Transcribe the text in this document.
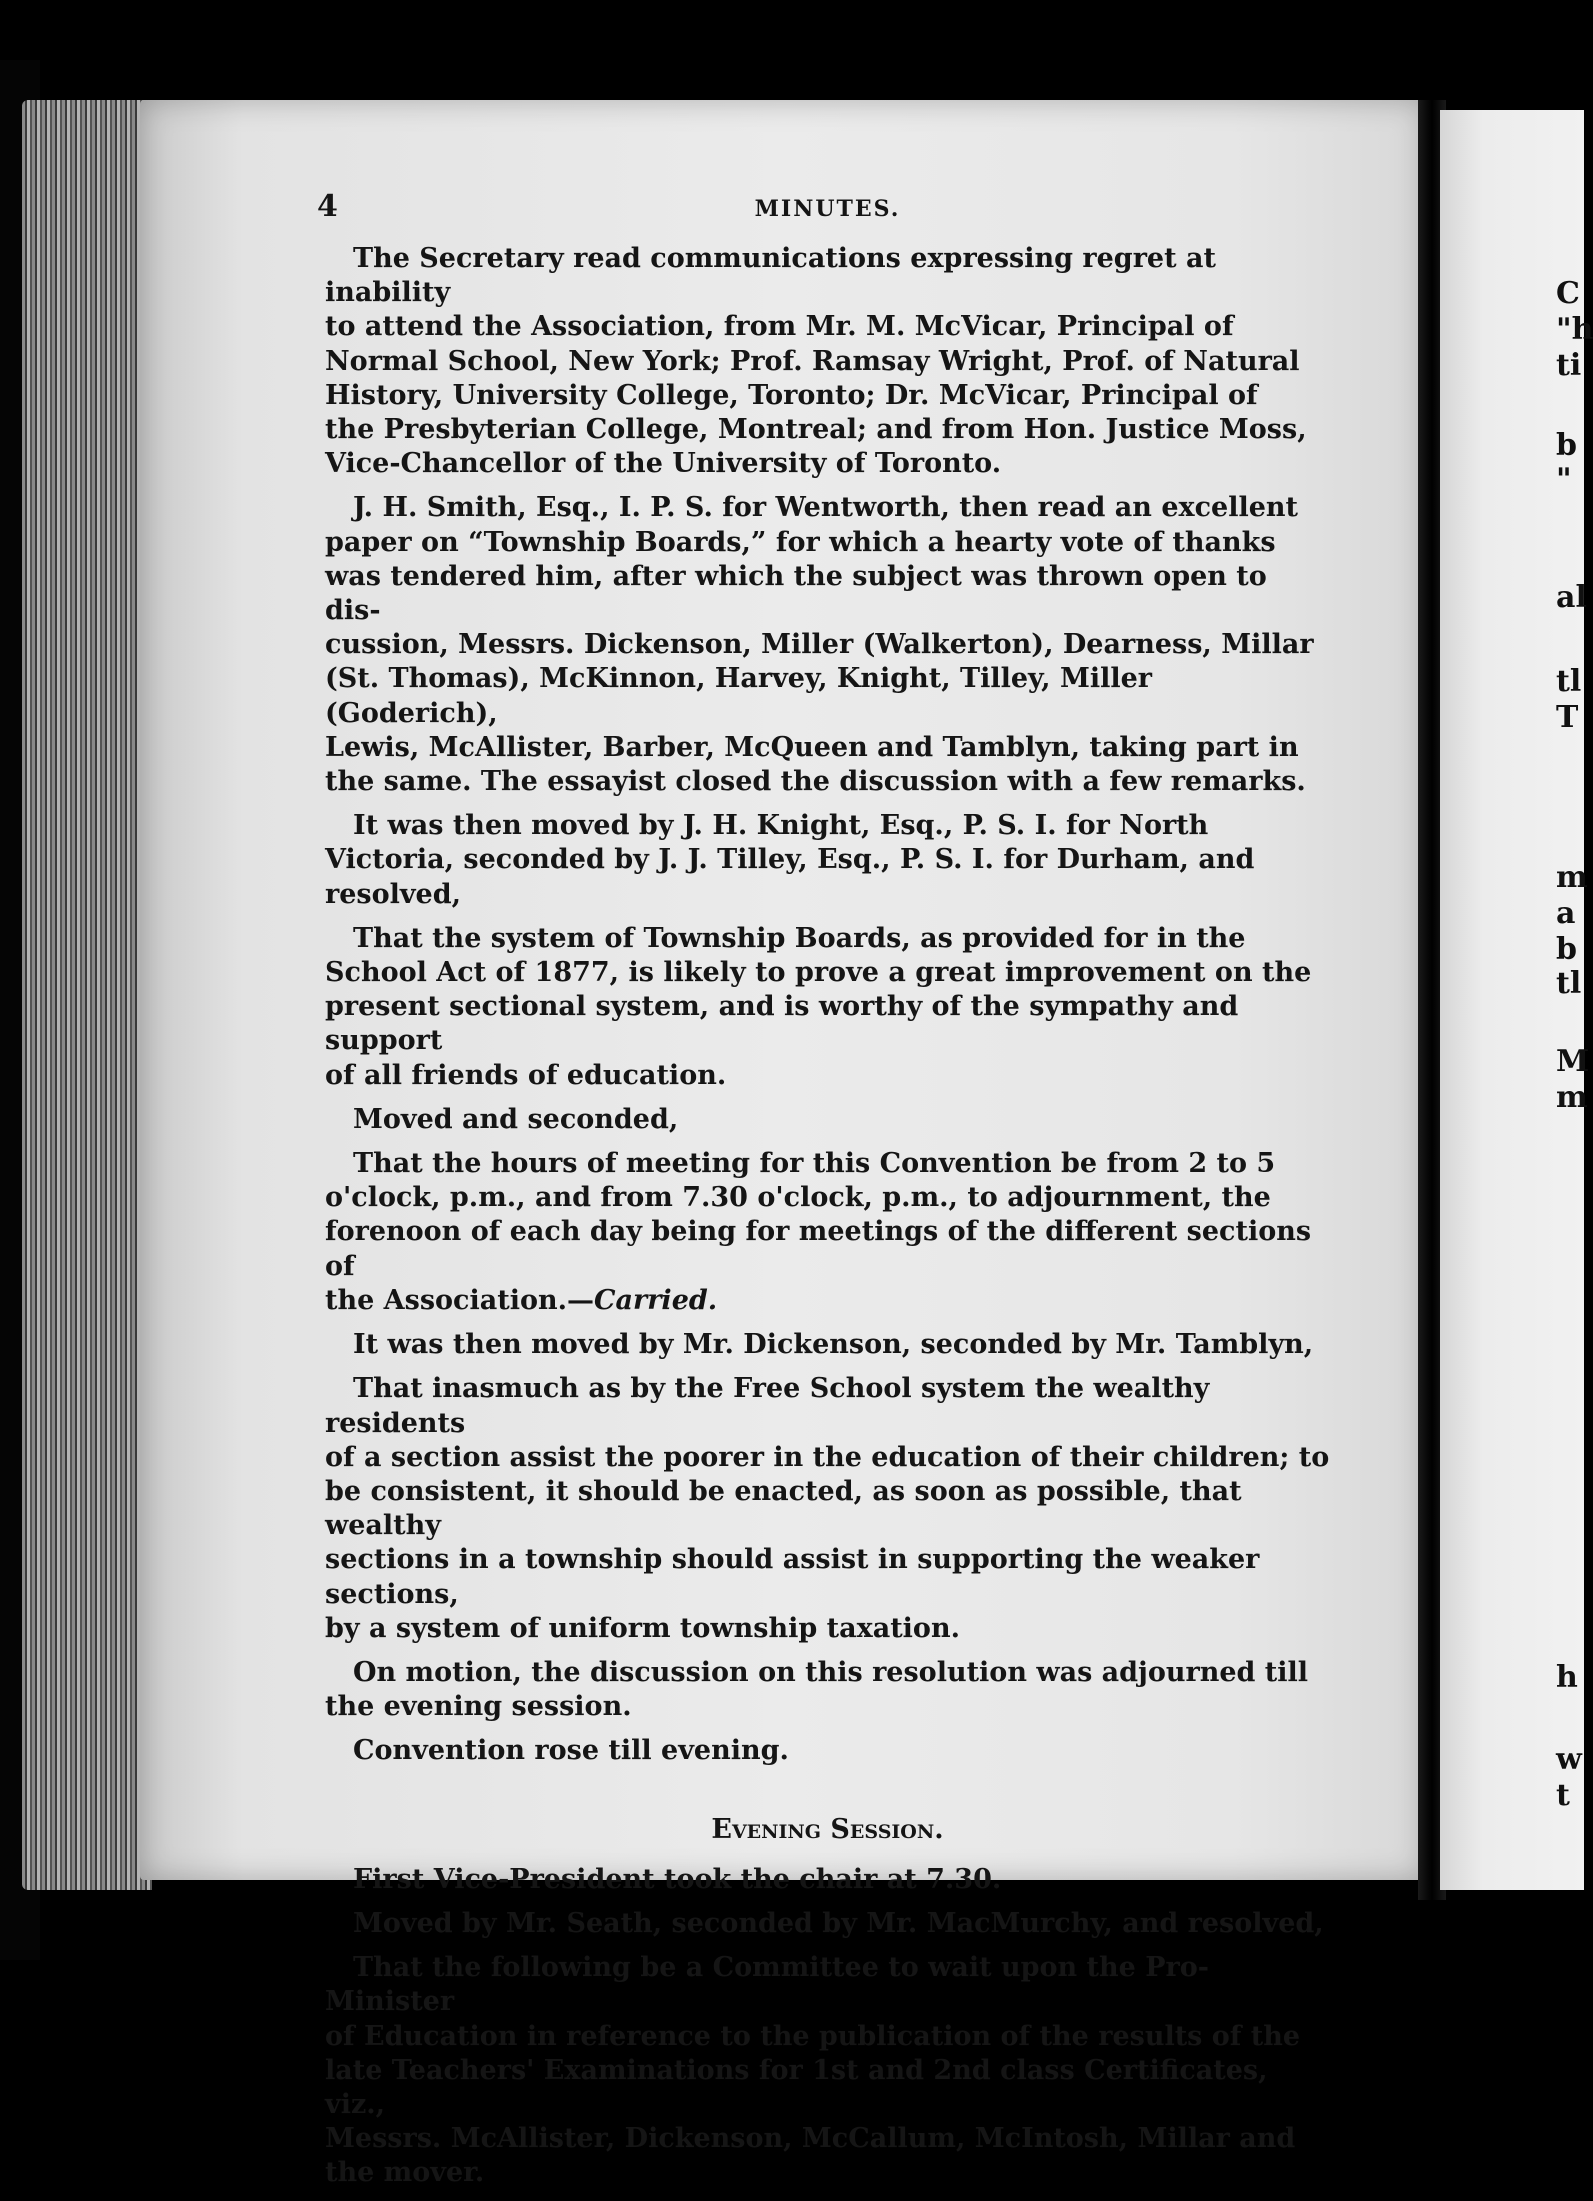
C
"h
ti
b
"
al
tl
T
m
a
b
tl
M
m
h
w
t
4	MINUTES.
The Secretary read communications expressing regret at inability
to attend the Association, from Mr. M. McVicar, Principal of
Normal School, New York; Prof. Ramsay Wright, Prof. of Natural
History, University College, Toronto; Dr. McVicar, Principal of
the Presbyterian College, Montreal; and from Hon. Justice Moss,
Vice-Chancellor of the University of Toronto.
J. H. Smith, Esq., I. P. S. for Wentworth, then read an excellent
paper on “Township Boards,” for which a hearty vote of thanks
was tendered him, after which the subject was thrown open to dis-
cussion, Messrs. Dickenson, Miller (Walkerton), Dearness, Millar
(St. Thomas), McKinnon, Harvey, Knight, Tilley, Miller (Goderich),
Lewis, McAllister, Barber, McQueen and Tamblyn, taking part in
the same. The essayist closed the discussion with a few remarks.
It was then moved by J. H. Knight, Esq., P. S. I. for North
Victoria, seconded by J. J. Tilley, Esq., P. S. I. for Durham, and
resolved,
That the system of Township Boards, as provided for in the
School Act of 1877, is likely to prove a great improvement on the
present sectional system, and is worthy of the sympathy and support
of all friends of education.
Moved and seconded,
That the hours of meeting for this Convention be from 2 to 5
o'clock, p.m., and from 7.30 o'clock, p.m., to adjournment, the
forenoon of each day being for meetings of the different sections of
the Association.—Carried.
It was then moved by Mr. Dickenson, seconded by Mr. Tamblyn,
That inasmuch as by the Free School system the wealthy residents
of a section assist the poorer in the education of their children; to
be consistent, it should be enacted, as soon as possible, that wealthy
sections in a township should assist in supporting the weaker sections,
by a system of uniform township taxation.
On motion, the discussion on this resolution was adjourned till
the evening session.
Convention rose till evening.
Evening Session.
First Vice-President took the chair at 7.30.
Moved by Mr. Seath, seconded by Mr. MacMurchy, and resolved,
That the following be a Committee to wait upon the Pro-Minister
of Education in reference to the publication of the results of the
late Teachers' Examinations for 1st and 2nd class Certificates, viz.,
Messrs. McAllister, Dickenson, McCallum, McIntosh, Millar and
the mover.
